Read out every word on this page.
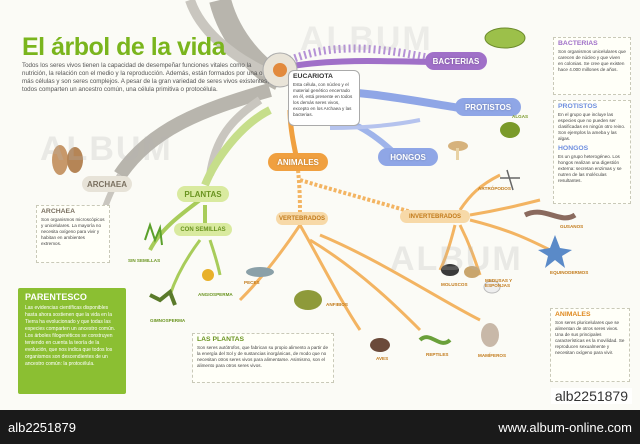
El árbol de la vida
Todos los seres vivos tienen la capacidad de desempeñar funciones vitales como la nutrición, la relación con el medio y la reproducción. Además, están formados por una o más células y son seres complejos. A pesar de la gran variedad de seres vivos existentes, todos comparten un ancestro común, una célula primitiva o protocélula.
EUCARIOTA
Esta célula, con núcleo y el material genético encerrado en él, está presente en todos los demás seres vivos, excepto en los Archaea y las bacterias.
BACTERIAS
PROTISTOS
HONGOS
ANIMALES
PLANTAS
ARCHAEA
CON SEMILLAS
VERTEBRADOS	INVERTEBRADOS
ALGAS
ARTRÓPODOS
GUSANOS
EQUINODERMOS
MOLUSCOS
MEDUSAS Y ESPONJAS
MAMÍFEROS
REPTILES
AVES
ANFIBIOS
PECES
SIN SEMILLAS
ANGIOSPERMA
GIMNOSPERMA
BACTERIAS
Son organismos unicelulares que carecen de núcleo y que viven en colonias. Se cree que existen hace 4.000 millones de años.
PROTISTOS
En el grupo que incluye las especies que no pueden ser clasificadas en ningún otro reino. Son ejemplos la ameba y las algas.
HONGOS
Es un grupo heterogéneo. Los hongos realizan una digestión externa: secretan enzimas y se nutren de las moléculas resultantes.
ARCHAEA
Son organismos microscópicos y unicelulares. La mayoría no necesita oxígeno para vivir y habitan en ambientes extremos.
ANIMALES
Son seres pluricelulares que se alimentan de otros seres vivos. Una de sus principales características es la movilidad. Se reproducen sexualmente y necesitan oxígeno para vivir.
LAS PLANTAS
Son seres autótrofos, que fabrican su propio alimento a partir de la energía del Sol y de sustancias inorgánicas, de modo que no necesitan otros seres vivos para alimentarse. Asimismo, son el alimento para otros seres vivos.
PARENTESCO
Las evidencias científicas disponibles hasta ahora sostienen que la vida en la Tierra ha evolucionado y que todas las especies comparten un ancestro común. Los árboles filogenéticos se construyen teniendo en cuenta la teoría de la evolución, que nos indica que todos los organismos son descendientes de un ancestro común: la protocélula.
ALBUM
ALBUM
ALBUM
alb2251879
alb2251879	www.album-online.com
